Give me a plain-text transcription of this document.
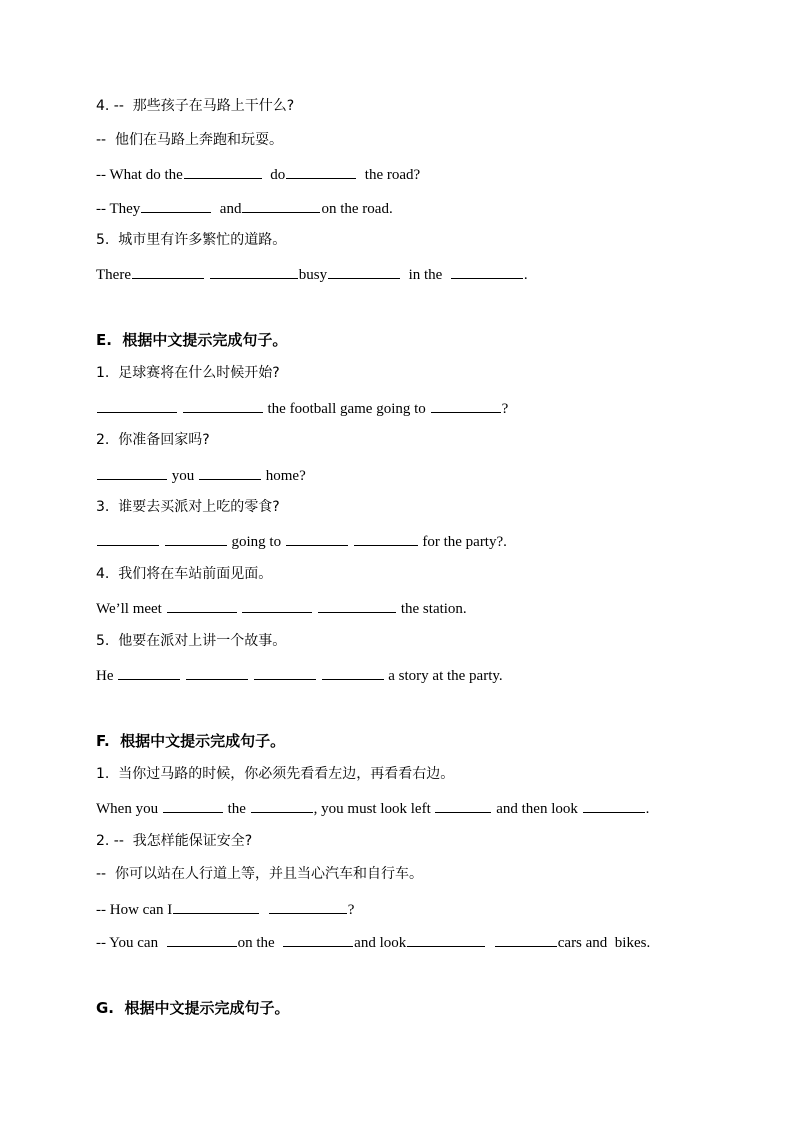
4. --  那些孩子在马路上干什么?
--  他们在马路上奔跑和玩耍。
-- What do the	do	the road?
-- They	and	on the road.
5.  城市里有许多繁忙的道路。
There	busy	in the	.
E.  根据中文提示完成句子。
1.  足球赛将在什么时候开始?
the football game going to	?
2.  你准备回家吗?
you	home?
3.  谁要去买派对上吃的零食?
going to	for the party?.
4.  我们将在车站前面见面。
We’ll meet	the station.
5.  他要在派对上讲一个故事。
He	a story at the party.
F.  根据中文提示完成句子。
1.  当你过马路的时候，你必须先看看左边，再看看右边。
When you	the	, you must look left	and then look	.
2. --  我怎样能保证安全?
--  你可以站在人行道上等，并且当心汽车和自行车。
-- How can I	?
-- You can	on the	and look	cars and  bikes.
G.  根据中文提示完成句子。
